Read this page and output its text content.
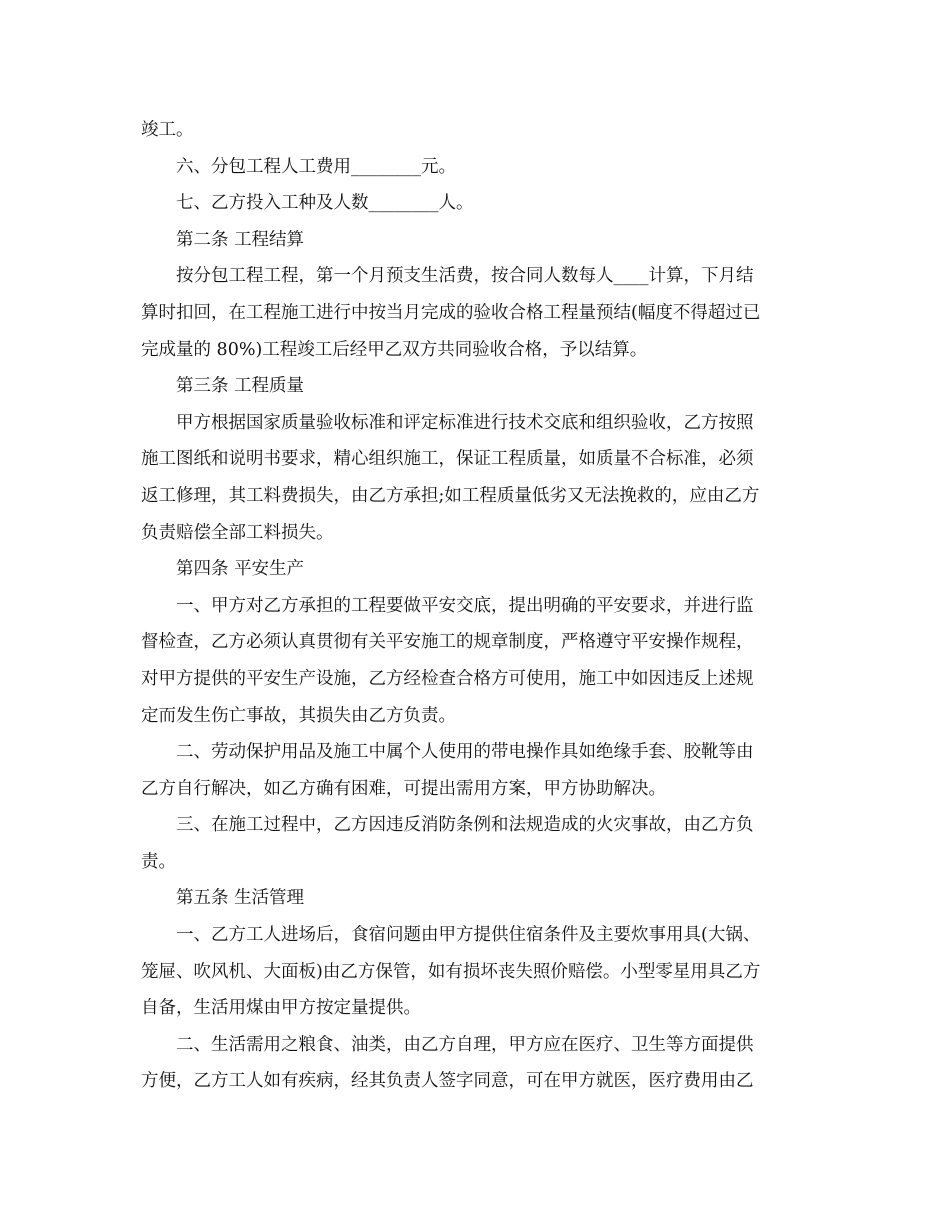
竣工。
六、分包工程人工费用________元。
七、乙方投入工种及人数________人。
第二条 工程结算
按分包工程工程，第一个月预支生活费，按合同人数每人____计算，下月结
算时扣回，在工程施工进行中按当月完成的验收合格工程量预结(幅度不得超过已
完成量的 80%)工程竣工后经甲乙双方共同验收合格，予以结算。
第三条 工程质量
甲方根据国家质量验收标准和评定标准进行技术交底和组织验收，乙方按照
施工图纸和说明书要求，精心组织施工，保证工程质量，如质量不合标准，必须
返工修理，其工料费损失，由乙方承担;如工程质量低劣又无法挽救的，应由乙方
负责赔偿全部工料损失。
第四条 平安生产
一、甲方对乙方承担的工程要做平安交底，提出明确的平安要求，并进行监
督检查，乙方必须认真贯彻有关平安施工的规章制度，严格遵守平安操作规程，
对甲方提供的平安生产设施，乙方经检查合格方可使用，施工中如因违反上述规
定而发生伤亡事故，其损失由乙方负责。
二、劳动保护用品及施工中属个人使用的带电操作具如绝缘手套、胶靴等由
乙方自行解决，如乙方确有困难，可提出需用方案，甲方协助解决。
三、在施工过程中，乙方因违反消防条例和法规造成的火灾事故，由乙方负
责。
第五条 生活管理
一、乙方工人进场后，食宿问题由甲方提供住宿条件及主要炊事用具(大锅、
笼屉、吹风机、大面板)由乙方保管，如有损坏丧失照价赔偿。小型零星用具乙方
自备，生活用煤由甲方按定量提供。
二、生活需用之粮食、油类，由乙方自理，甲方应在医疗、卫生等方面提供
方便，乙方工人如有疾病，经其负责人签字同意，可在甲方就医，医疗费用由乙
